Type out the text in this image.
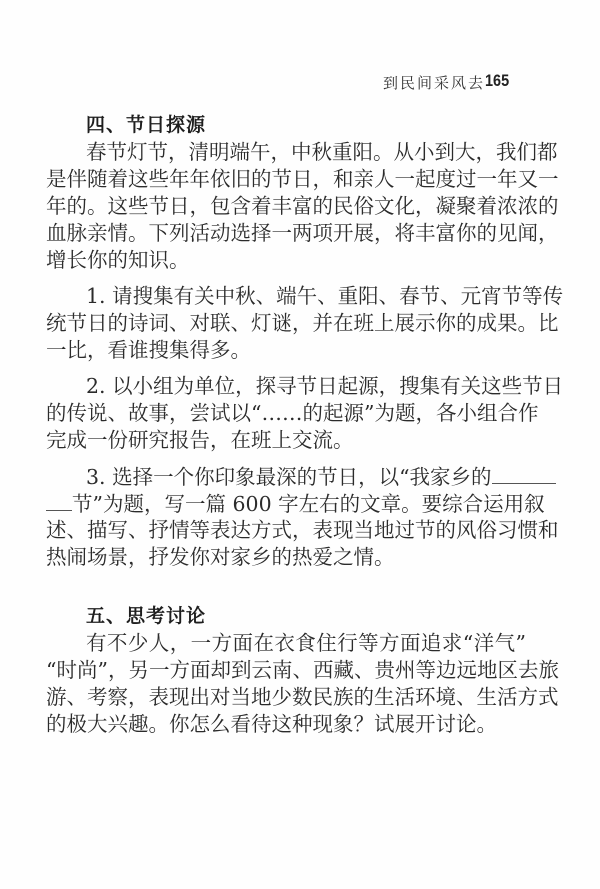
到民间采风去 165
四、节日探源
春节灯节，清明端午，中秋重阳。从小到大，我们都
是伴随着这些年年依旧的节日，和亲人一起度过一年又一
年的。这些节日，包含着丰富的民俗文化，凝聚着浓浓的
血脉亲情。下列活动选择一两项开展，将丰富你的见闻，
增长你的知识。
1. 请搜集有关中秋、端午、重阳、春节、元宵节等传
统节日的诗词、对联、灯谜，并在班上展示你的成果。比
一比，看谁搜集得多。
2. 以小组为单位，探寻节日起源，搜集有关这些节日
的传说、故事，尝试以“……的起源”为题，各小组合作
完成一份研究报告，在班上交流。
3. 选择一个你印象最深的节日，以“我家乡的
节”为题，写一篇 600 字左右的文章。要综合运用叙
述、描写、抒情等表达方式，表现当地过节的风俗习惯和
热闹场景，抒发你对家乡的热爱之情。
五、思考讨论
有不少人，一方面在衣食住行等方面追求“洋气”
“时尚”，另一方面却到云南、西藏、贵州等边远地区去旅
游、考察，表现出对当地少数民族的生活环境、生活方式
的极大兴趣。你怎么看待这种现象？试展开讨论。
